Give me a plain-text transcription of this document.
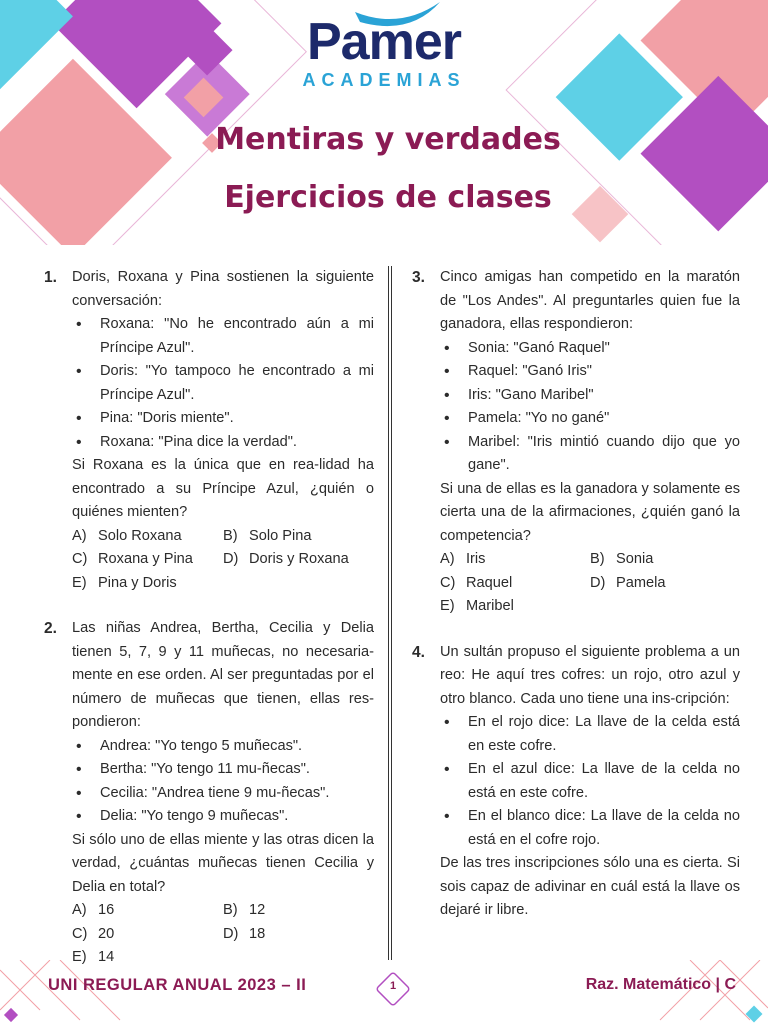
Pamer
ACADEMIAS
Mentiras y verdades
Ejercicios de clases
1. Doris, Roxana y Pina sostienen la siguiente conversación:
• Roxana: "No he encontrado aún a mi Príncipe Azul".
• Doris: "Yo tampoco he encontrado a mi Príncipe Azul".
• Pina: "Doris miente".
• Roxana: "Pina dice la verdad".
Si Roxana es la única que en rea-lidad ha encontrado a su Príncipe Azul, ¿quién o quiénes mienten?
A) Solo Roxana	B) Solo Pina
C) Roxana y Pina	D) Doris y Roxana
E) Pina y Doris
2. Las niñas Andrea, Bertha, Cecilia y Delia tienen 5, 7, 9 y 11 muñecas, no necesaria-mente en ese orden. Al ser preguntadas por el número de muñecas que tienen, ellas res-pondieron:
• Andrea: "Yo tengo 5 muñecas".
• Bertha: "Yo tengo 11 mu-ñecas".
• Cecilia: "Andrea tiene 9 mu-ñecas".
• Delia: "Yo tengo 9 muñecas".
Si sólo uno de ellas miente y las otras dicen la verdad, ¿cuántas muñecas tienen Cecilia y Delia en total?
A) 16	B) 12
C) 20	D) 18
E) 14
3. Cinco amigas han competido en la maratón de "Los Andes". Al preguntarles quien fue la ganadora, ellas respondieron:
• Sonia: "Ganó Raquel"
• Raquel: "Ganó Iris"
• Iris: "Gano Maribel"
• Pamela: "Yo no gané"
• Maribel: "Iris mintió cuando dijo que yo gane".
Si una de ellas es la ganadora y solamente es cierta una de la afirmaciones, ¿quién ganó la competencia?
A) Iris	B) Sonia
C) Raquel	D) Pamela
E) Maribel
4. Un sultán propuso el siguiente problema a un reo: He aquí tres cofres: un rojo, otro azul y otro blanco. Cada uno tiene una ins-cripción:
• En el rojo dice: La llave de la celda está en este cofre.
• En el azul dice: La llave de la celda no está en este cofre.
• En el blanco dice: La llave de la celda no está en el cofre rojo.
De las tres inscripciones sólo una es cierta. Si sois capaz de adivinar en cuál está la llave os dejaré ir libre.
UNI REGULAR ANUAL 2023 – II	1	Raz. Matemático | C
